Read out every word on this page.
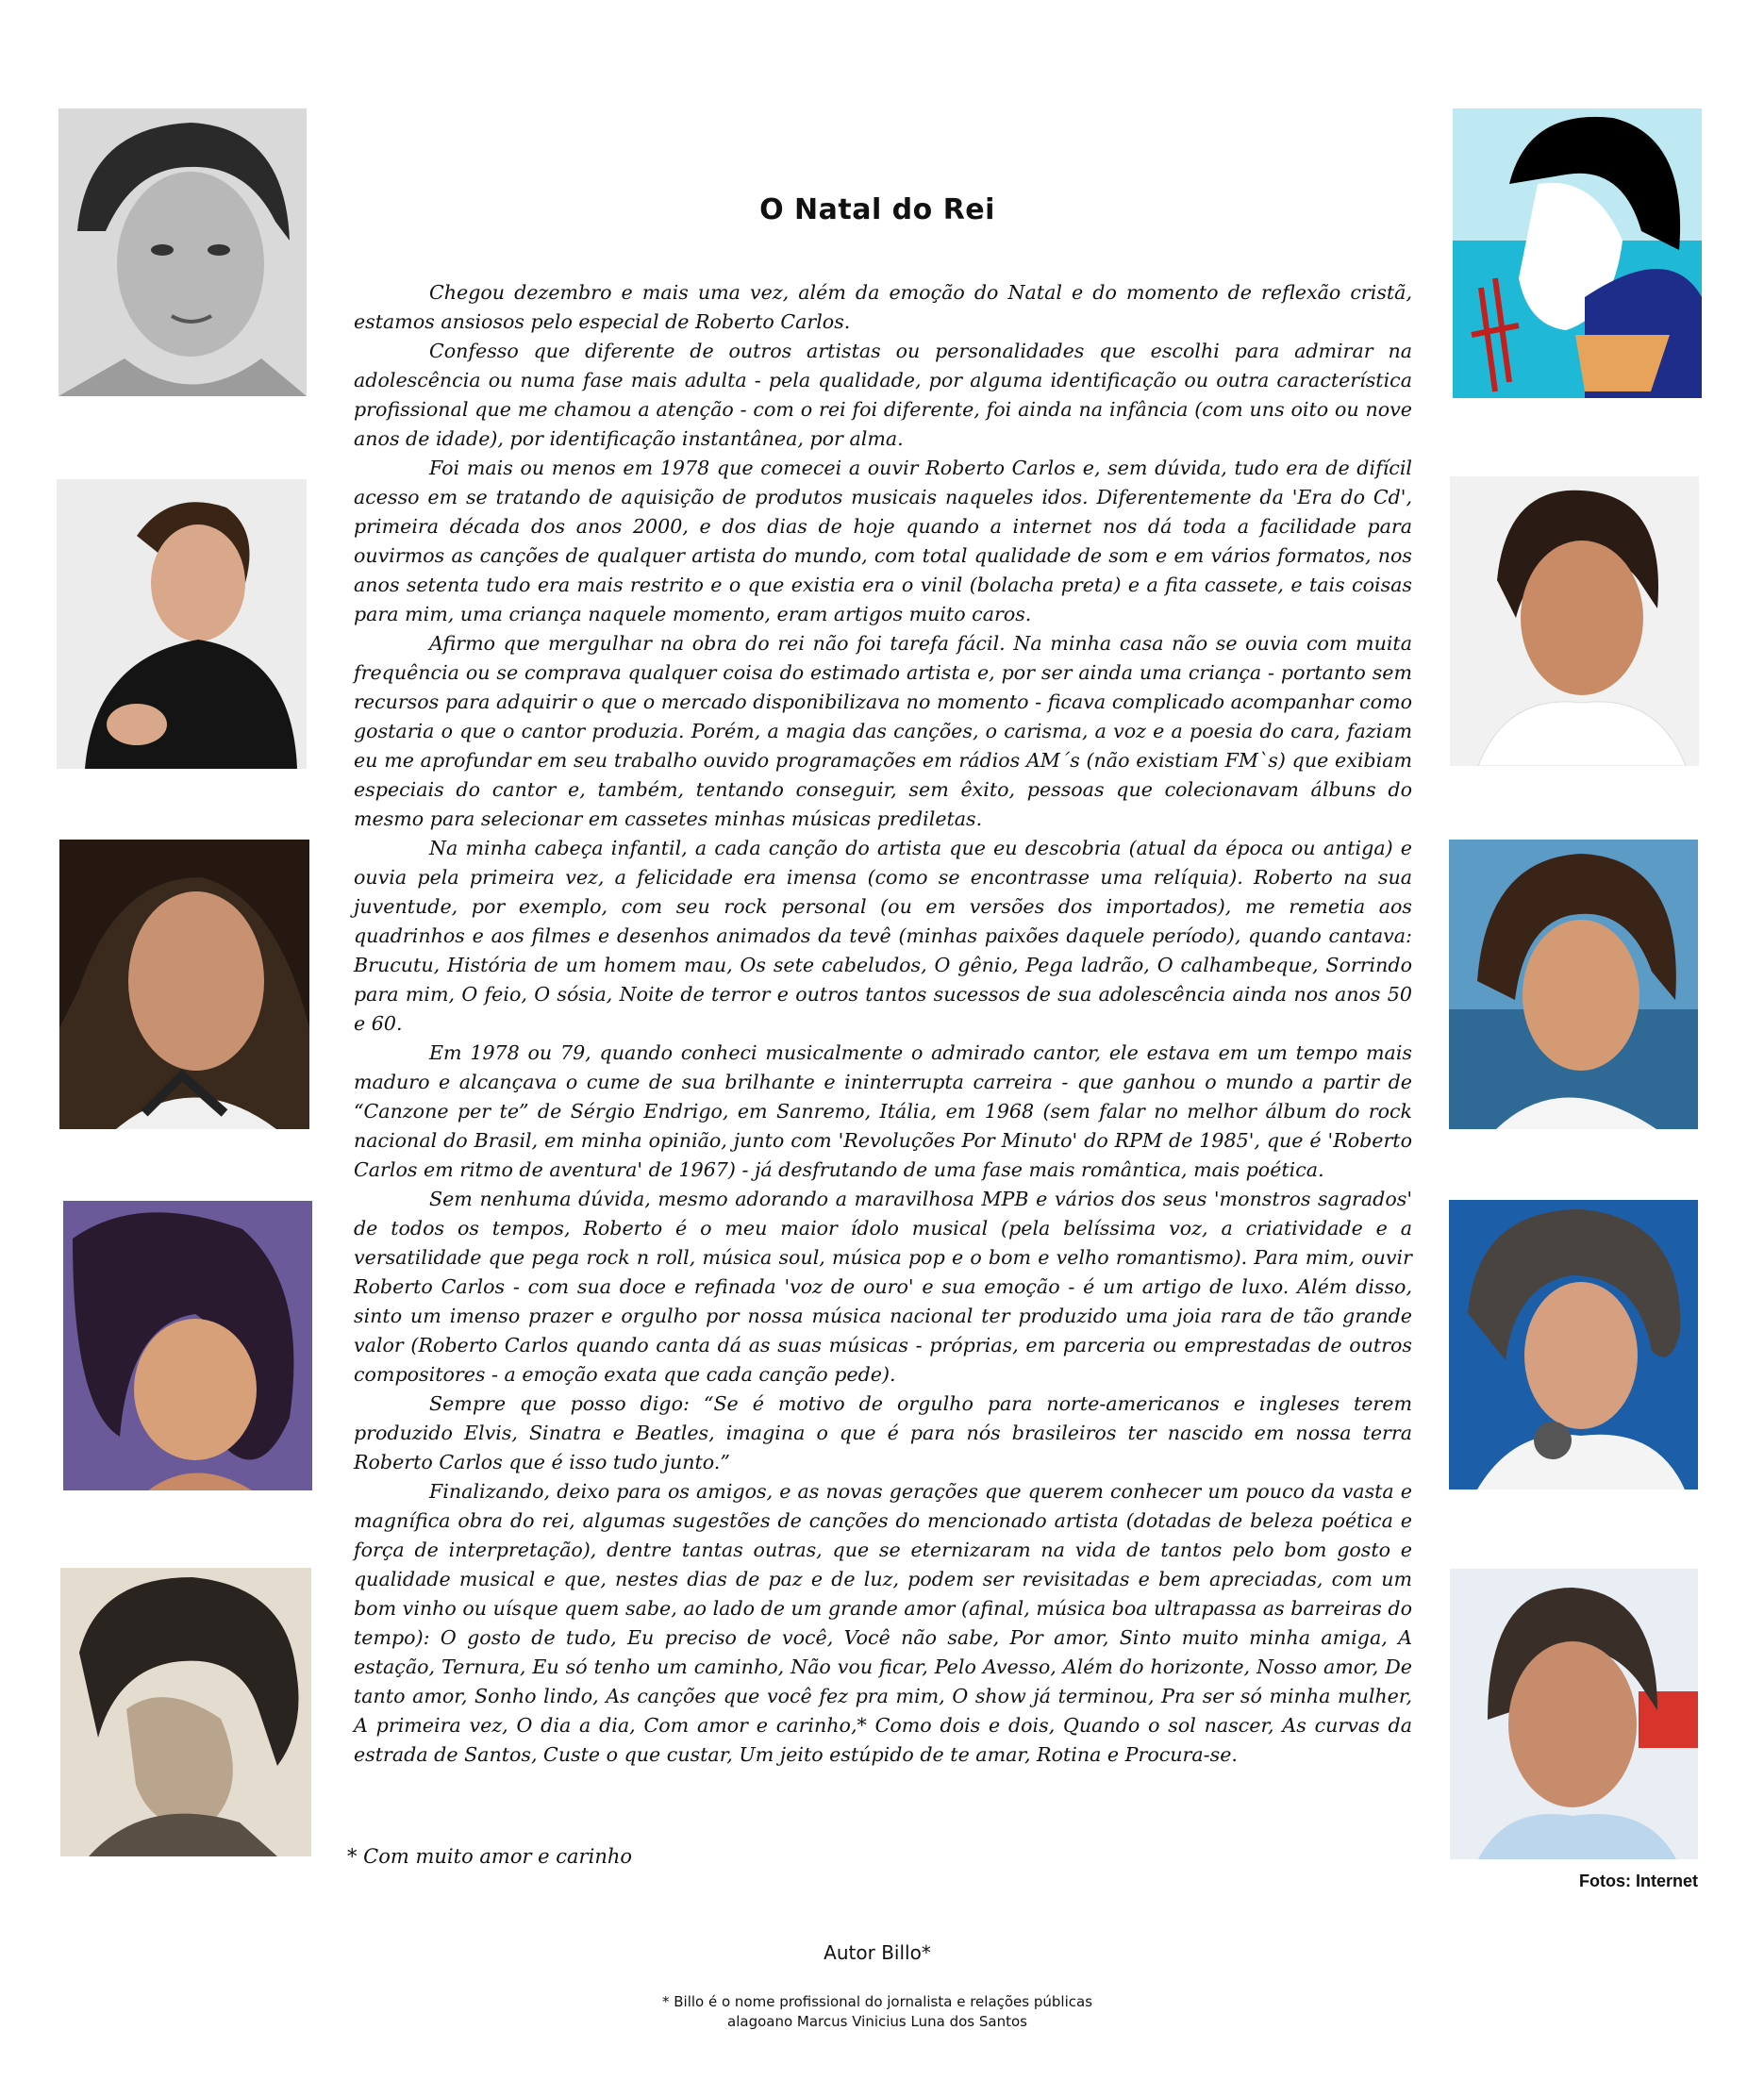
O Natal do Rei

Chegou dezembro e mais uma vez, além da emoção do Natal e do momento de reflexão cristã, estamos ansiosos pelo especial de Roberto Carlos.

Confesso que diferente de outros artistas ou personalidades que escolhi para admirar na adolescência ou numa fase mais adulta - pela qualidade, por alguma identificação ou outra característica profissional que me chamou a atenção - com o rei foi diferente, foi ainda na infância (com uns oito ou nove anos de idade), por identificação instantânea, por alma.

Foi mais ou menos em 1978 que comecei a ouvir Roberto Carlos e, sem dúvida, tudo era de difícil acesso em se tratando de aquisição de produtos musicais naqueles idos. Diferentemente da 'Era do Cd', primeira década dos anos 2000, e dos dias de hoje quando a internet nos dá toda a facilidade para ouvirmos as canções de qualquer artista do mundo, com total qualidade de som e em vários formatos, nos anos setenta tudo era mais restrito e o que existia era o vinil (bolacha preta) e a fita cassete, e tais coisas para mim, uma criança naquele momento, eram artigos muito caros.

Afirmo que mergulhar na obra do rei não foi tarefa fácil. Na minha casa não se ouvia com muita frequência ou se comprava qualquer coisa do estimado artista e, por ser ainda uma criança - portanto sem recursos para adquirir o que o mercado disponibilizava no momento - ficava complicado acompanhar como gostaria o que o cantor produzia. Porém, a magia das canções, o carisma, a voz e a poesia do cara, faziam eu me aprofundar em seu trabalho ouvido programações em rádios AM´s (não existiam FM`s) que exibiam especiais do cantor e, também, tentando conseguir, sem êxito, pessoas que colecionavam álbuns do mesmo para selecionar em cassetes minhas músicas prediletas.

Na minha cabeça infantil, a cada canção do artista que eu descobria (atual da época ou antiga) e ouvia pela primeira vez, a felicidade era imensa (como se encontrasse uma relíquia). Roberto na sua juventude, por exemplo, com seu rock personal (ou em versões dos importados), me remetia aos quadrinhos e aos filmes e desenhos animados da tevê (minhas paixões daquele período), quando cantava: Brucutu, História de um homem mau, Os sete cabeludos, O gênio, Pega ladrão, O calhambeque, Sorrindo para mim, O feio, O sósia, Noite de terror e outros tantos sucessos de sua adolescência ainda nos anos 50 e 60.

Em 1978 ou 79, quando conheci musicalmente o admirado cantor, ele estava em um tempo mais maduro e alcançava o cume de sua brilhante e ininterrupta carreira - que ganhou o mundo a partir de “Canzone per te” de Sérgio Endrigo, em Sanremo, Itália, em 1968 (sem falar no melhor álbum do rock nacional do Brasil, em minha opinião, junto com 'Revoluções Por Minuto' do RPM de 1985', que é 'Roberto Carlos em ritmo de aventura' de 1967) - já desfrutando de uma fase mais romântica, mais poética.

Sem nenhuma dúvida, mesmo adorando a maravilhosa MPB e vários dos seus 'monstros sagrados' de todos os tempos, Roberto é o meu maior ídolo musical (pela belíssima voz, a criatividade e a versatilidade que pega rock n roll, música soul, música pop e o bom e velho romantismo). Para mim, ouvir Roberto Carlos - com sua doce e refinada 'voz de ouro' e sua emoção - é um artigo de luxo. Além disso, sinto um imenso prazer e orgulho por nossa música nacional ter produzido uma joia rara de tão grande valor (Roberto Carlos quando canta dá as suas músicas - próprias, em parceria ou emprestadas de outros compositores - a emoção exata que cada canção pede).

Sempre que posso digo: “Se é motivo de orgulho para norte-americanos e ingleses terem produzido Elvis, Sinatra e Beatles, imagina o que é para nós brasileiros ter nascido em nossa terra Roberto Carlos que é isso tudo junto.”

Finalizando, deixo para os amigos, e as novas gerações que querem conhecer um pouco da vasta e magnífica obra do rei, algumas sugestões de canções do mencionado artista (dotadas de beleza poética e força de interpretação), dentre tantas outras, que se eternizaram na vida de tantos pelo bom gosto e qualidade musical e que, nestes dias de paz e de luz, podem ser revisitadas e bem apreciadas, com um bom vinho ou uísque quem sabe, ao lado de um grande amor (afinal, música boa ultrapassa as barreiras do tempo): O gosto de tudo, Eu preciso de você, Você não sabe, Por amor, Sinto muito minha amiga, A estação, Ternura, Eu só tenho um caminho, Não vou ficar, Pelo Avesso, Além do horizonte, Nosso amor, De tanto amor, Sonho lindo, As canções que você fez pra mim, O show já terminou, Pra ser só minha mulher, A primeira vez, O dia a dia, Com amor e carinho,* Como dois e dois, Quando o sol nascer, As curvas da estrada de Santos, Custe o que custar, Um jeito estúpido de te amar, Rotina e Procura-se.

* Com muito amor e carinho
Fotos: Internet
Autor Billo*
* Billo é o nome profissional do jornalista e relações públicas
alagoano Marcus Vinicius Luna dos Santos
